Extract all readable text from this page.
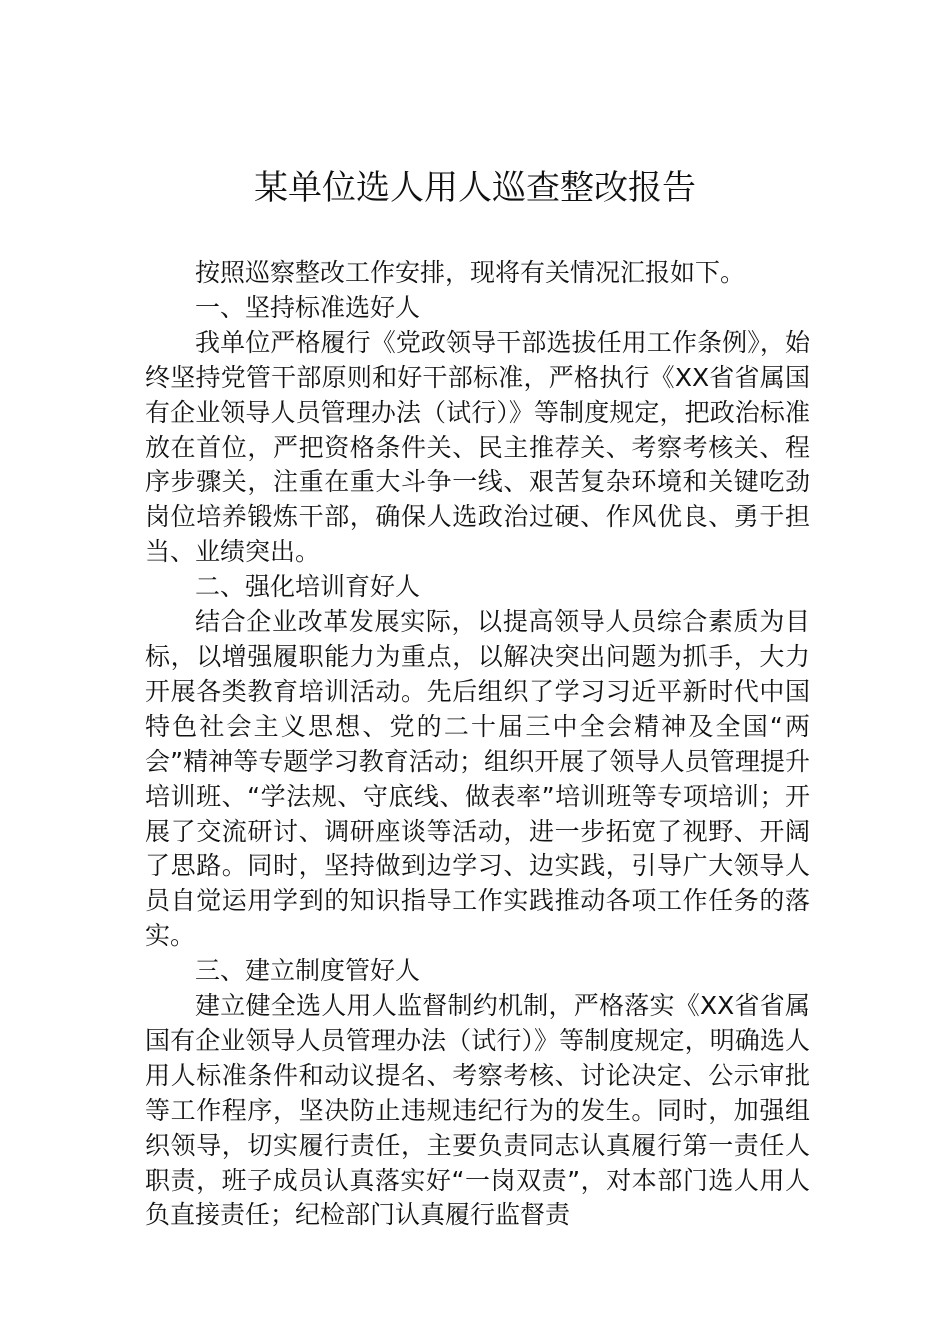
某单位选人用人巡查整改报告

按照巡察整改工作安排，现将有关情况汇报如下。

一、坚持标准选好人

我单位严格履行《党政领导干部选拔任用工作条例》，始终坚持党管干部原则和好干部标准，严格执行《XX省省属国有企业领导人员管理办法（试行）》等制度规定，把政治标准放在首位，严把资格条件关、民主推荐关、考察考核关、程序步骤关，注重在重大斗争一线、艰苦复杂环境和关键吃劲岗位培养锻炼干部，确保人选政治过硬、作风优良、勇于担当、业绩突出。

二、强化培训育好人

结合企业改革发展实际，以提高领导人员综合素质为目标，以增强履职能力为重点，以解决突出问题为抓手，大力开展各类教育培训活动。先后组织了学习习近平新时代中国特色社会主义思想、党的二十届三中全会精神及全国“两会”精神等专题学习教育活动；组织开展了领导人员管理提升培训班、“学法规、守底线、做表率”培训班等专项培训；开展了交流研讨、调研座谈等活动，进一步拓宽了视野、开阔了思路。同时，坚持做到边学习、边实践，引导广大领导人员自觉运用学到的知识指导工作实践推动各项工作任务的落实。

三、建立制度管好人

建立健全选人用人监督制约机制，严格落实《XX省省属国有企业领导人员管理办法（试行）》等制度规定，明确选人用人标准条件和动议提名、考察考核、讨论决定、公示审批等工作程序，坚决防止违规违纪行为的发生。同时，加强组织领导，切实履行责任，主要负责同志认真履行第一责任人职责，班子成员认真落实好“一岗双责”，对本部门选人用人负直接责任；纪检部门认真履行监督责
